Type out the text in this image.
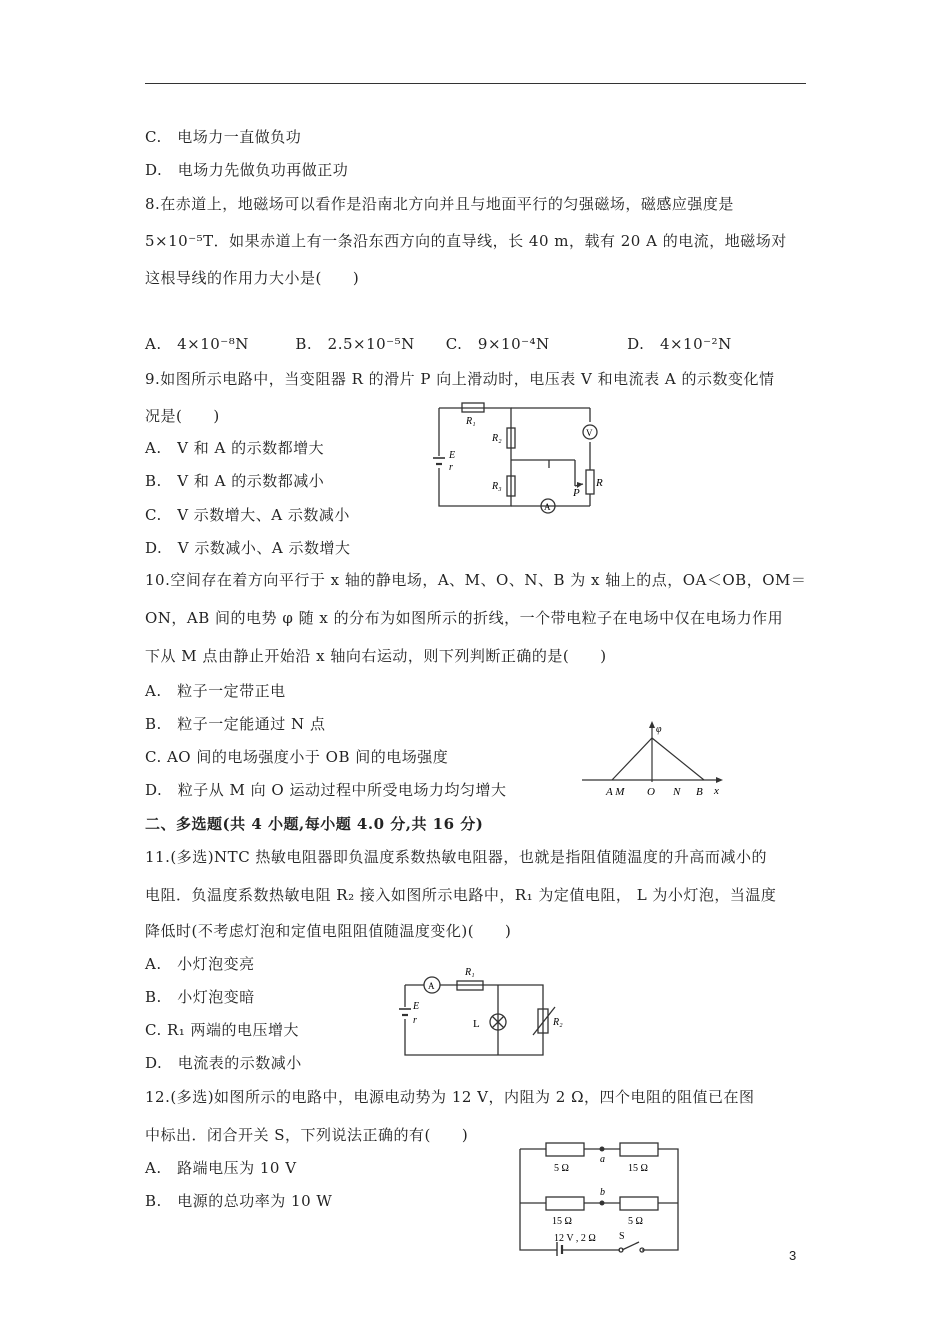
C.　电场力一直做负功
D.　电场力先做负功再做正功
8.在赤道上，地磁场可以看作是沿南北方向并且与地面平行的匀强磁场，磁感应强度是
5×10⁻⁵T．如果赤道上有一条沿东西方向的直导线，长 40 m，载有 20 A 的电流，地磁场对
这根导线的作用力大小是(　　)
A.　4×10⁻⁸N　　　B.　2.5×10⁻⁵N　　C.　9×10⁻⁴N　　　　　D.　4×10⁻²N
9.如图所示电路中，当变阻器 R 的滑片 P 向上滑动时，电压表 V 和电流表 A 的示数变化情
况是(　　)
A.　V 和 A 的示数都增大
B.　V 和 A 的示数都减小
C.　V 示数增大、A 示数减小
D.　V 示数减小、A 示数增大
R₁
R₂
R₃
E
r
V
A
P
R
10.空间存在着方向平行于 x 轴的静电场，A、M、O、N、B 为 x 轴上的点，OA＜OB，OM＝
ON，AB 间的电势 φ 随 x 的分布为如图所示的折线，一个带电粒子在电场中仅在电场力作用
下从 M 点由静止开始沿 x 轴向右运动，则下列判断正确的是(　　)
A.　粒子一定带正电
B.　粒子一定能通过 N 点
C. AO 间的电场强度小于 OB 间的电场强度
D.　粒子从 M 向 O 运动过程中所受电场力均匀增大
φ
x
A M O N B
二、多选题(共 4 小题,每小题 4.0 分,共 16 分)
11.(多选)NTC 热敏电阻器即负温度系数热敏电阻器，也就是指阻值随温度的升高而减小的
电阻．负温度系数热敏电阻 R₂ 接入如图所示电路中，R₁ 为定值电阻， L 为小灯泡，当温度
降低时(不考虑灯泡和定值电阻阻值随温度变化)(　　)
A.　小灯泡变亮
B.　小灯泡变暗
C. R₁ 两端的电压增大
D.　电流表的示数减小
A
R₁
E
r	L	R₂
12.(多选)如图所示的电路中，电源电动势为 12 V，内阻为 2 Ω，四个电阻的阻值已在图
中标出．闭合开关 S，下列说法正确的有(　　)
A.　路端电压为 10 V
B.　电源的总功率为 10 W
5 Ω	15 Ω
a
b
15 Ω	5 Ω
12 V , 2 Ω S
3
